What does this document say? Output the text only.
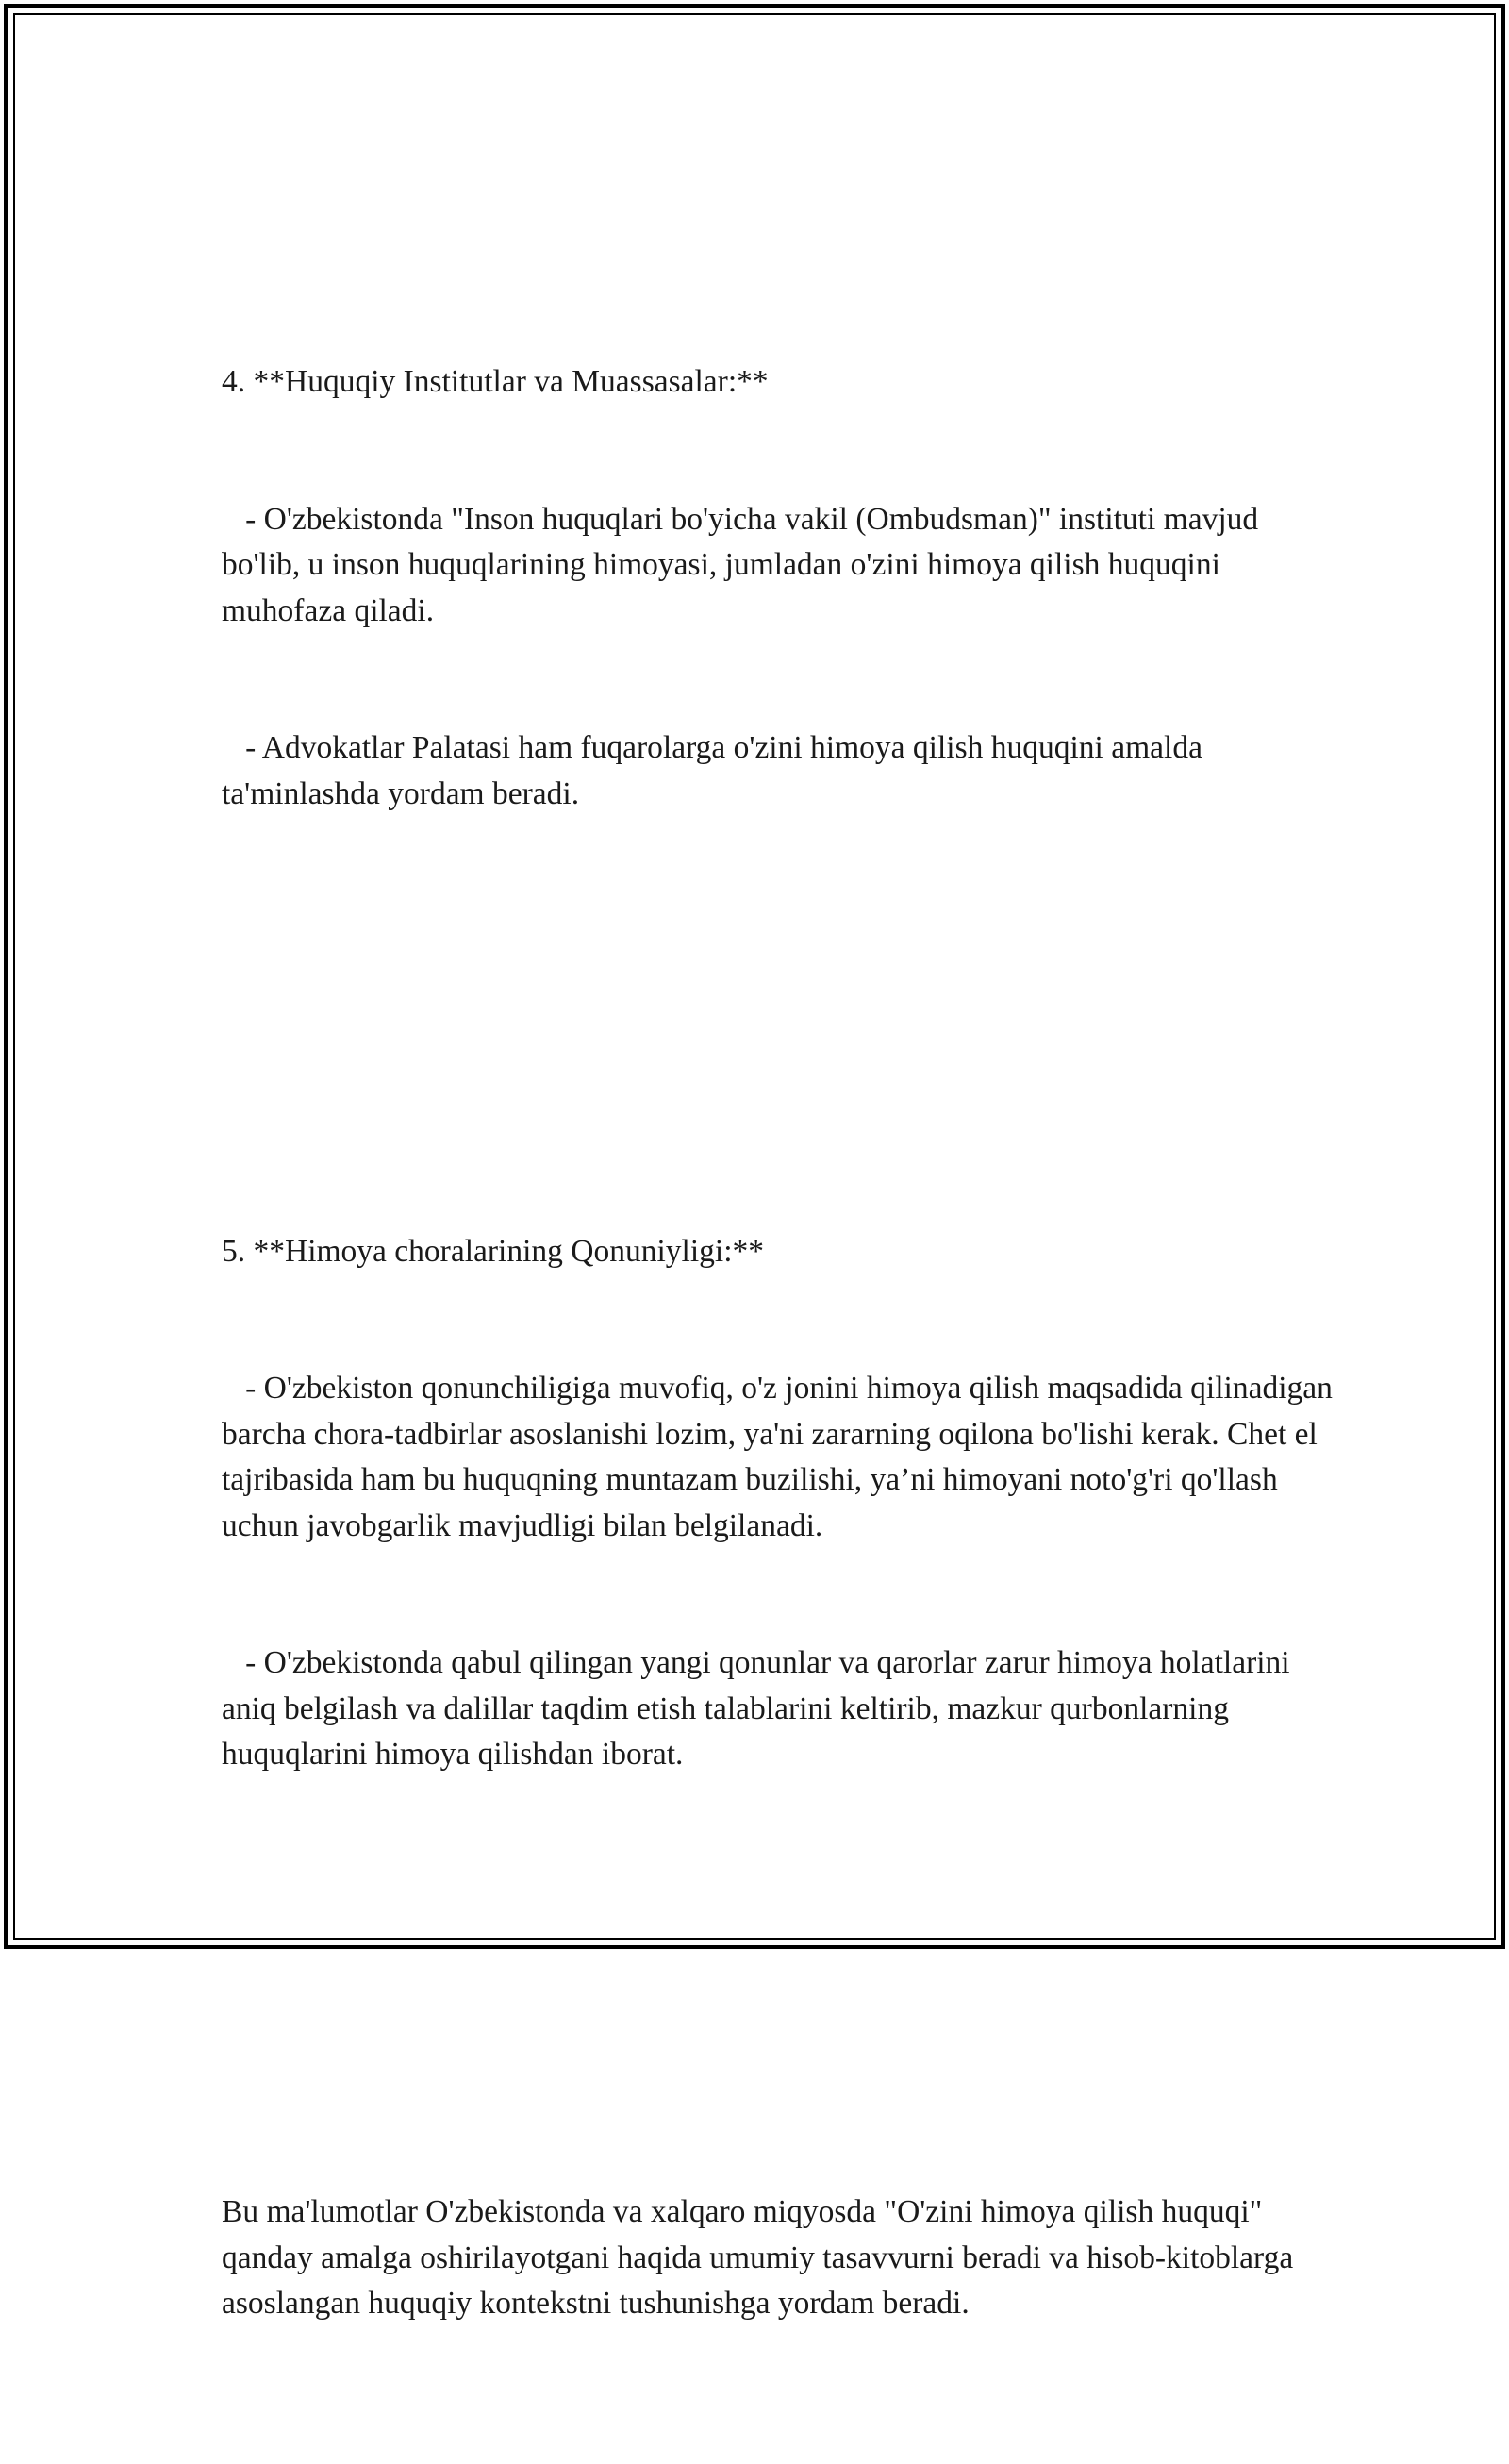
4. **Huquqiy Institutlar va Muassasalar:**

- O'zbekistonda "Inson huquqlari bo'yicha vakil (Ombudsman)" instituti mavjud bo'lib, u inson huquqlarining himoyasi, jumladan o'zini himoya qilish huquqini muhofaza qiladi.

- Advokatlar Palatasi ham fuqarolarga o'zini himoya qilish huquqini amalda ta'minlashda yordam beradi.

5. **Himoya choralarining Qonuniyligi:**

- O'zbekiston qonunchiligiga muvofiq, o'z jonini himoya qilish maqsadida qilinadigan barcha chora-tadbirlar asoslanishi lozim, ya'ni zararning oqilona bo'lishi kerak. Chet el tajribasida ham bu huquqning muntazam buzilishi, ya’ni himoyani noto'g'ri qo'llash uchun javobgarlik mavjudligi bilan belgilanadi.

- O'zbekistonda qabul qilingan yangi qonunlar va qarorlar zarur himoya holatlarini aniq belgilash va dalillar taqdim etish talablarini keltirib, mazkur qurbonlarning huquqlarini himoya qilishdan iborat.

Bu ma'lumotlar O'zbekistonda va xalqaro miqyosda "O'zini himoya qilish huquqi" qanday amalga oshirilayotgani haqida umumiy tasavvurni beradi va hisob-kitoblarga asoslangan huquqiy kontekstni tushunishga yordam beradi.
